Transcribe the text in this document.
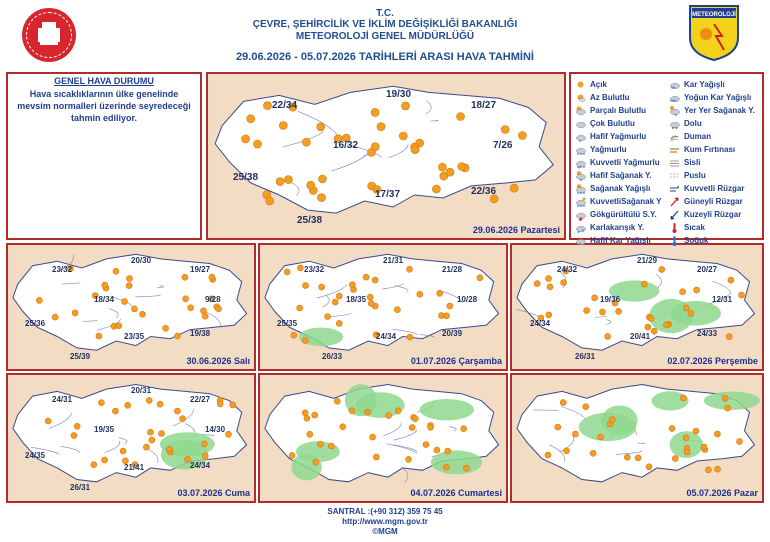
T.C.
ÇEVRE, ŞEHİRCİLİK VE İKLİM DEĞİŞİKLİĞİ BAKANLIĞI
METEOROLOJİ GENEL MÜDÜRLÜĞÜ
29.06.2026 - 05.07.2026 TARİHLERİ ARASI HAVA TAHMİNİ
METEOROLOJİ
GENEL HAVA DURUMU
Hava sıcaklıklarının ülke genelinde mevsim normalleri üzerinde seyredeceği tahmin ediliyor.
22/34
19/30
18/27
16/32	7/26
25/38
22/36
17/37
25/38
29.06.2026 Pazartesi
23/32
20/30
19/27
18/34	9/28
25/36
19/38
23/35
25/39	30.06.2026 Salı
23/32
21/31
21/28
18/35	10/28
25/35
20/39
24/34
26/33	01.07.2026 Çarşamba
24/32
21/29
20/27
19/36	12/31
24/34
24/33
20/41
26/31	02.07.2026 Perşembe
24/31
20/31
22/27
19/35	14/30
24/35
24/34
21/41
26/31
03.07.2026 Cuma	04.07.2026 Cumartesi	05.07.2026 Pazar
Açık
Az Bulutlu
Parçalı Bulutlu
Çok Bulutlu
Hafif Yağmurlu
Yağmurlu
Kuvvetli Yağmurlu
Hafif Sağanak Y.
Sağanak Yağışlı
KuvvetliSağanak Y
Gökgürültülü S.Y.
*
Karlakarışık Y.
*
Hafif Kar Yağışlı
**
Kar Yağışlı
***
Yoğun Kar Yağışlı
Yer Yer Sağanak Y.
Dolu
Duman
Kum Fırtınası
Sisli
Puslu
Kuvvetli Rüzgar
Güneyli Rüzgar
Kuzeyli Rüzgar
Sıcak
Soğuk
SANTRAL :(+90 312) 359 75 45
http://www.mgm.gov.tr
©MGM
